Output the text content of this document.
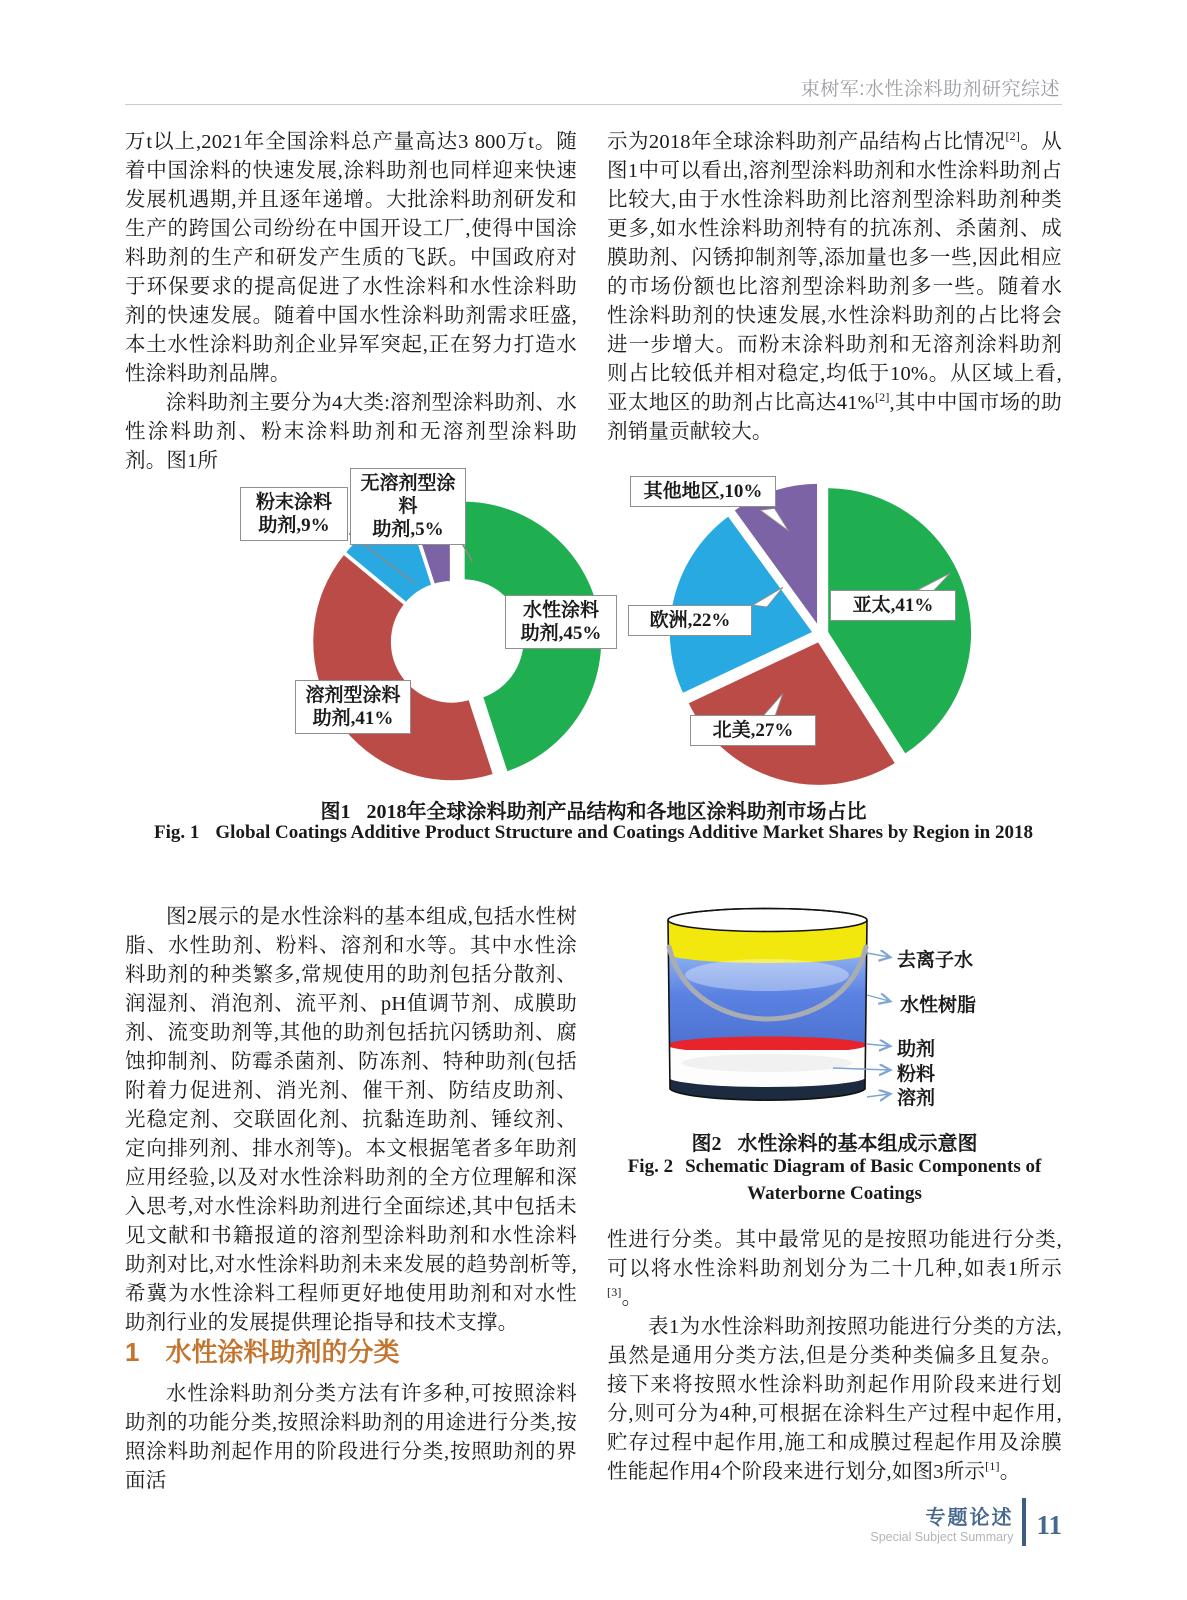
束树军:水性涂料助剂研究综述

万t以上,2021年全国涂料总产量高达3 800万t。随着中国涂料的快速发展,涂料助剂也同样迎来快速发展机遇期,并且逐年递增。大批涂料助剂研发和生产的跨国公司纷纷在中国开设工厂,使得中国涂料助剂的生产和研发产生质的飞跃。中国政府对于环保要求的提高促进了水性涂料和水性涂料助剂的快速发展。随着中国水性涂料助剂需求旺盛,本土水性涂料助剂企业异军突起,正在努力打造水性涂料助剂品牌。

涂料助剂主要分为4大类:溶剂型涂料助剂、水性涂料助剂、粉末涂料助剂和无溶剂型涂料助剂。图1所

示为2018年全球涂料助剂产品结构占比情况[2]。从图1中可以看出,溶剂型涂料助剂和水性涂料助剂占比较大,由于水性涂料助剂比溶剂型涂料助剂种类更多,如水性涂料助剂特有的抗冻剂、杀菌剂、成膜助剂、闪锈抑制剂等,添加量也多一些,因此相应的市场份额也比溶剂型涂料助剂多一些。随着水性涂料助剂的快速发展,水性涂料助剂的占比将会进一步增大。而粉末涂料助剂和无溶剂涂料助剂则占比较低并相对稳定,均低于10%。从区域上看,亚太地区的助剂占比高达41%[2],其中中国市场的助剂销量贡献较大。

无溶剂型涂料
助剂,5%
粉末涂料
助剂,9%
水性涂料
助剂,45%
溶剂型涂料
助剂,41%
其他地区,10%
亚太,41%
欧洲,22%
北美,27%
图1 2018年全球涂料助剂产品结构和各地区涂料助剂市场占比
Fig. 1 Global Coatings Additive Product Structure and Coatings Additive Market Shares by Region in 2018

图2展示的是水性涂料的基本组成,包括水性树脂、水性助剂、粉料、溶剂和水等。其中水性涂料助剂的种类繁多,常规使用的助剂包括分散剂、润湿剂、消泡剂、流平剂、pH值调节剂、成膜助剂、流变助剂等,其他的助剂包括抗闪锈助剂、腐蚀抑制剂、防霉杀菌剂、防冻剂、特种助剂(包括附着力促进剂、消光剂、催干剂、防结皮助剂、光稳定剂、交联固化剂、抗黏连助剂、锤纹剂、定向排列剂、排水剂等)。本文根据笔者多年助剂应用经验,以及对水性涂料助剂的全方位理解和深入思考,对水性涂料助剂进行全面综述,其中包括未见文献和书籍报道的溶剂型涂料助剂和水性涂料助剂对比,对水性涂料助剂未来发展的趋势剖析等,希冀为水性涂料工程师更好地使用助剂和对水性助剂行业的发展提供理论指导和技术支撑。

去离子水
水性树脂
助剂
粉料
溶剂
图2 水性涂料的基本组成示意图
Fig. 2 Schematic Diagram of Basic Components of
Waterborne Coatings
1 水性涂料助剂的分类

水性涂料助剂分类方法有许多种,可按照涂料助剂的功能分类,按照涂料助剂的用途进行分类,按照涂料助剂起作用的阶段进行分类,按照助剂的界面活

性进行分类。其中最常见的是按照功能进行分类,可以将水性涂料助剂划分为二十几种,如表1所示[3]。

表1为水性涂料助剂按照功能进行分类的方法,虽然是通用分类方法,但是分类种类偏多且复杂。接下来将按照水性涂料助剂起作用阶段来进行划分,则可分为4种,可根据在涂料生产过程中起作用,贮存过程中起作用,施工和成膜过程起作用及涂膜性能起作用4个阶段来进行划分,如图3所示[1]。

专题论述
Special Subject Summary 11
